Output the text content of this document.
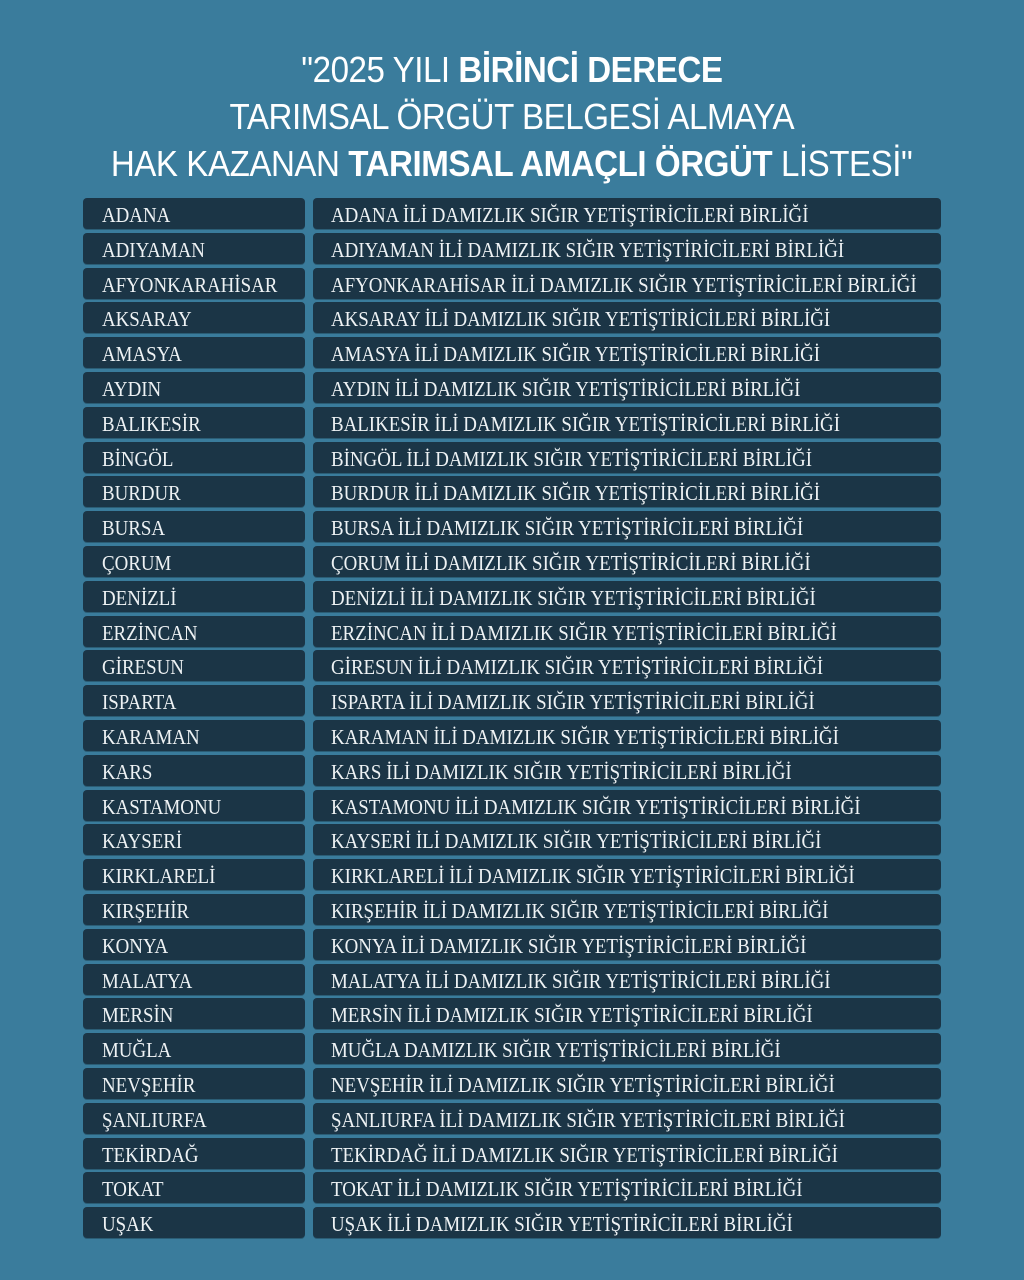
"2025 YILI BİRİNCİ DERECE
TARIMSAL ÖRGÜT BELGESİ ALMAYA
HAK KAZANAN TARIMSAL AMAÇLI ÖRGÜT LİSTESİ"
ADANA	ADANA İLİ DAMIZLIK SIĞIR YETİŞTİRİCİLERİ BİRLİĞİ
ADIYAMAN	ADIYAMAN İLİ DAMIZLIK SIĞIR YETİŞTİRİCİLERİ BİRLİĞİ
AFYONKARAHİSAR	AFYONKARAHİSAR İLİ DAMIZLIK SIĞIR YETİŞTİRİCİLERİ BİRLİĞİ
AKSARAY	AKSARAY İLİ DAMIZLIK SIĞIR YETİŞTİRİCİLERİ BİRLİĞİ
AMASYA	AMASYA İLİ DAMIZLIK SIĞIR YETİŞTİRİCİLERİ BİRLİĞİ
AYDIN	AYDIN İLİ DAMIZLIK SIĞIR YETİŞTİRİCİLERİ BİRLİĞİ
BALIKESİR	BALIKESİR İLİ DAMIZLIK SIĞIR YETİŞTİRİCİLERİ BİRLİĞİ
BİNGÖL	BİNGÖL İLİ DAMIZLIK SIĞIR YETİŞTİRİCİLERİ BİRLİĞİ
BURDUR	BURDUR İLİ DAMIZLIK SIĞIR YETİŞTİRİCİLERİ BİRLİĞİ
BURSA	BURSA İLİ DAMIZLIK SIĞIR YETİŞTİRİCİLERİ BİRLİĞİ
ÇORUM	ÇORUM İLİ DAMIZLIK SIĞIR YETİŞTİRİCİLERİ BİRLİĞİ
DENİZLİ	DENİZLİ İLİ DAMIZLIK SIĞIR YETİŞTİRİCİLERİ BİRLİĞİ
ERZİNCAN	ERZİNCAN İLİ DAMIZLIK SIĞIR YETİŞTİRİCİLERİ BİRLİĞİ
GİRESUN	GİRESUN İLİ DAMIZLIK SIĞIR YETİŞTİRİCİLERİ BİRLİĞİ
ISPARTA	ISPARTA İLİ DAMIZLIK SIĞIR YETİŞTİRİCİLERİ BİRLİĞİ
KARAMAN	KARAMAN İLİ DAMIZLIK SIĞIR YETİŞTİRİCİLERİ BİRLİĞİ
KARS	KARS İLİ DAMIZLIK SIĞIR YETİŞTİRİCİLERİ BİRLİĞİ
KASTAMONU	KASTAMONU İLİ DAMIZLIK SIĞIR YETİŞTİRİCİLERİ BİRLİĞİ
KAYSERİ	KAYSERİ İLİ DAMIZLIK SIĞIR YETİŞTİRİCİLERİ BİRLİĞİ
KIRKLARELİ	KIRKLARELİ İLİ DAMIZLIK SIĞIR YETİŞTİRİCİLERİ BİRLİĞİ
KIRŞEHİR	KIRŞEHİR İLİ DAMIZLIK SIĞIR YETİŞTİRİCİLERİ BİRLİĞİ
KONYA	KONYA İLİ DAMIZLIK SIĞIR YETİŞTİRİCİLERİ BİRLİĞİ
MALATYA	MALATYA İLİ DAMIZLIK SIĞIR YETİŞTİRİCİLERİ BİRLİĞİ
MERSİN	MERSİN İLİ DAMIZLIK SIĞIR YETİŞTİRİCİLERİ BİRLİĞİ
MUĞLA	MUĞLA DAMIZLIK SIĞIR YETİŞTİRİCİLERİ BİRLİĞİ
NEVŞEHİR	NEVŞEHİR İLİ DAMIZLIK SIĞIR YETİŞTİRİCİLERİ BİRLİĞİ
ŞANLIURFA	ŞANLIURFA İLİ DAMIZLIK SIĞIR YETİŞTİRİCİLERİ BİRLİĞİ
TEKİRDAĞ	TEKİRDAĞ İLİ DAMIZLIK SIĞIR YETİŞTİRİCİLERİ BİRLİĞİ
TOKAT	TOKAT İLİ DAMIZLIK SIĞIR YETİŞTİRİCİLERİ BİRLİĞİ
UŞAK	UŞAK İLİ DAMIZLIK SIĞIR YETİŞTİRİCİLERİ BİRLİĞİ
